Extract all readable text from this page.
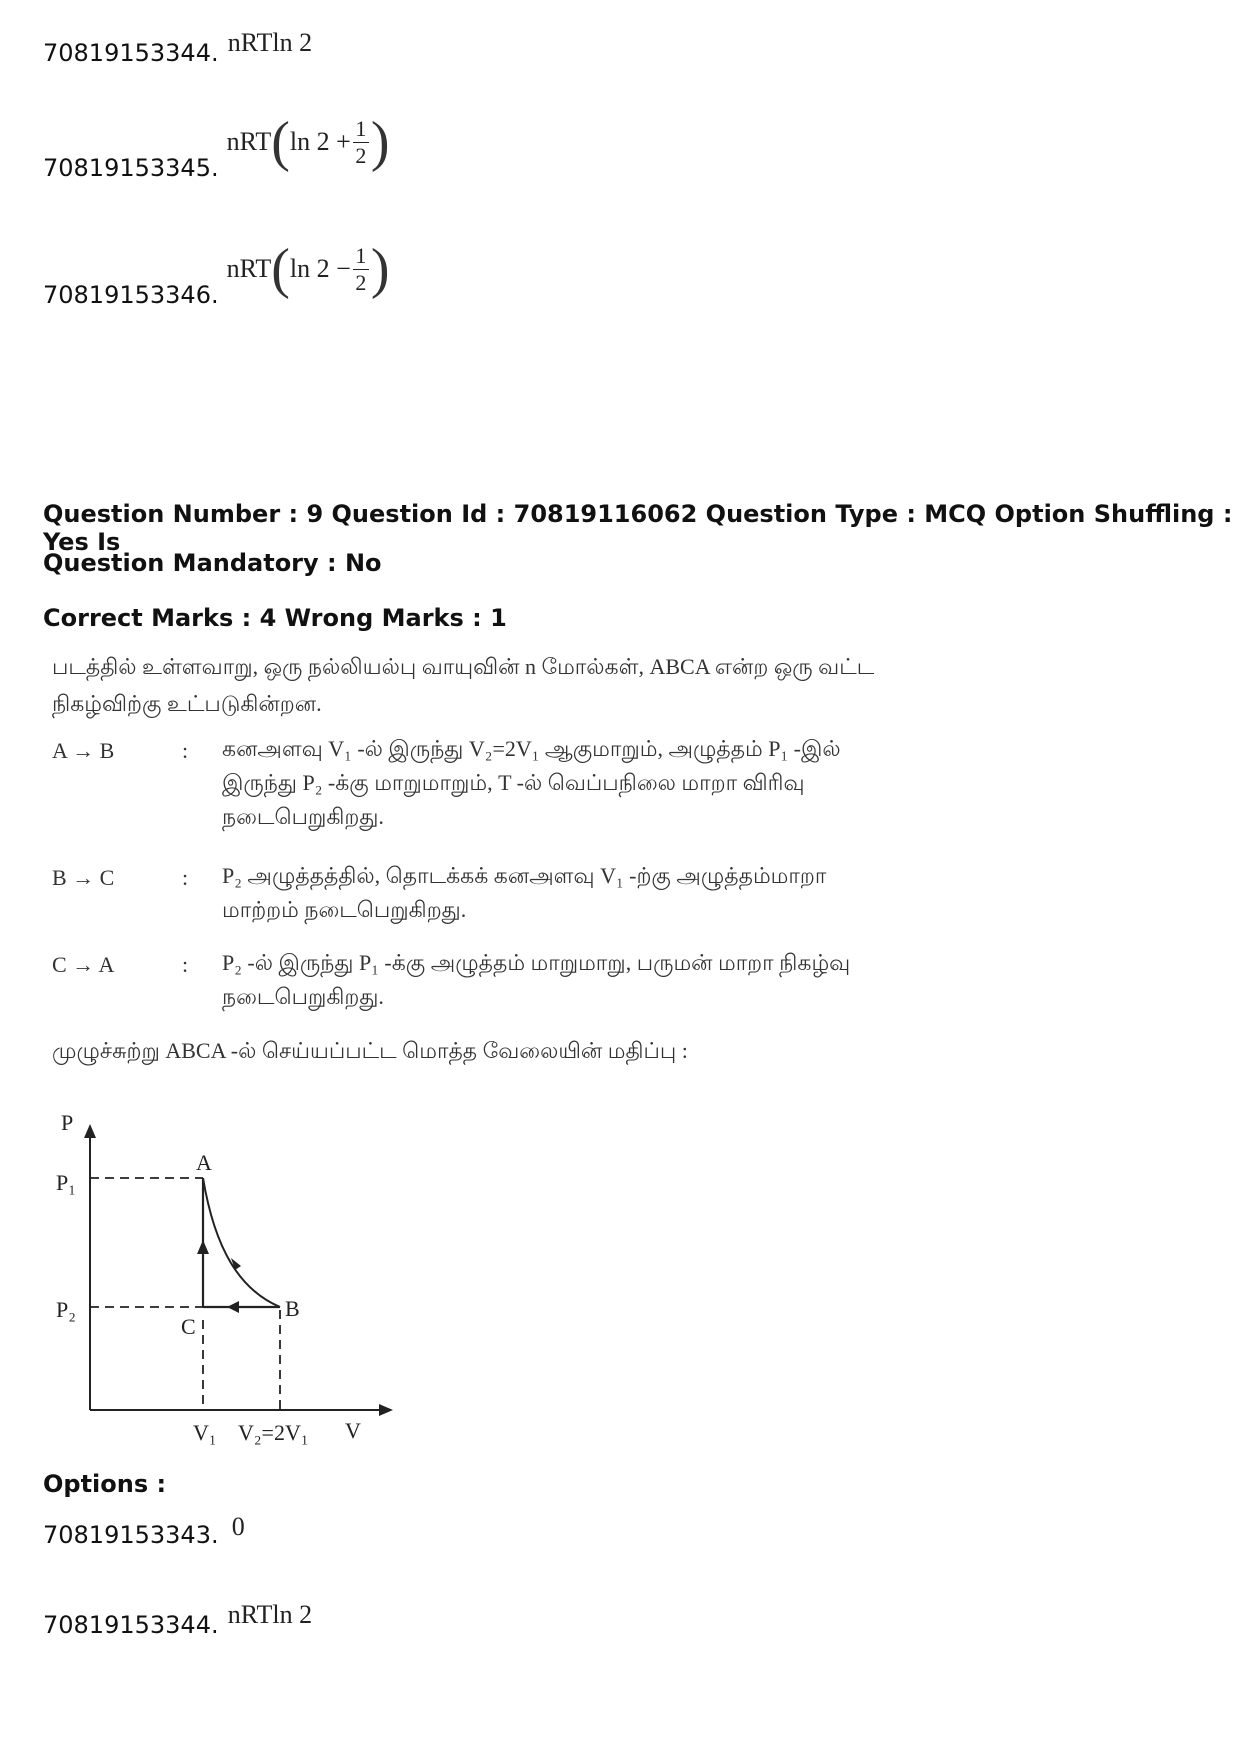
70819153344. nRTln 2
70819153345.
nRT ( $\ln 2 + \frac{1}{2}$ )
70819153346.
nRT ( $\ln 2 - \frac{1}{2}$ )
Question Number : 9 Question Id : 70819116062 Question Type : MCQ Option Shuffling : Yes Is
Question Mandatory : No
Correct Marks : 4 Wrong Marks : 1
படத்தில் உள்ளவாறு, ஒரு நல்லியல்பு வாயுவின் n மோல்கள், ABCA என்ற ஒரு வட்ட
நிகழ்விற்கு உட்படுகின்றன.
A → B	:	கனஅளவு V₁ -ல் இருந்து V₂=2V₁ ஆகுமாறும், அழுத்தம் P₁ -இல்
இருந்து P₂ -க்கு மாறுமாறும், T -ல் வெப்பநிலை மாறா விரிவு
நடைபெறுகிறது.
B → C	:	P₂ அழுத்தத்தில், தொடக்கக் கனஅளவு V₁ -ற்கு அழுத்தம்மாறா
மாற்றம் நடைபெறுகிறது.
C → A	:	P₂ -ல் இருந்து P₁ -க்கு அழுத்தம் மாறுமாறு, பருமன் மாறா நிகழ்வு
நடைபெறுகிறது.
முழுச்சுற்று ABCA -ல் செய்யப்பட்ட மொத்த வேலையின் மதிப்பு :
P
P₁
P₂
A
B
C
V₁ V₂=2V₁ V
Options :
70819153343. 0
70819153344. nRTln 2
